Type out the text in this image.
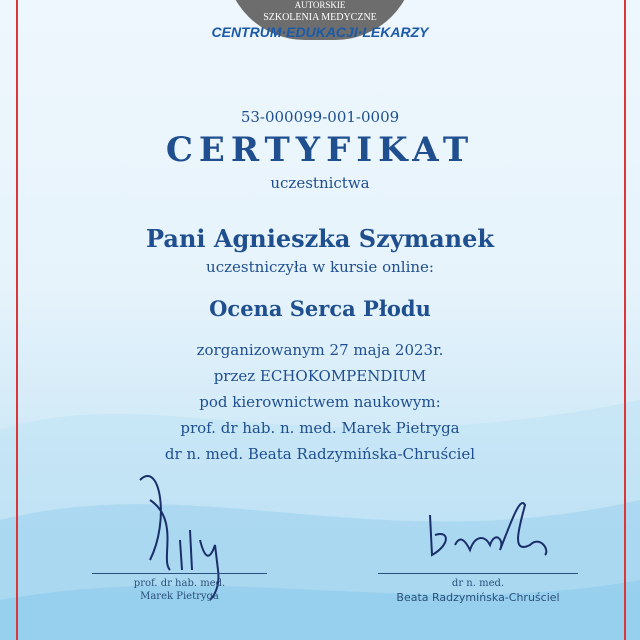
AUTORSKIE
SZKOLENIA MEDYCZNE
CENTRUM·EDUKACJI·LEKARZY
53-000099-001-0009
CERTYFIKAT
uczestnictwa
Pani Agnieszka Szymanek
uczestniczyła w kursie online:
Ocena Serca Płodu
zorganizowanym 27 maja 2023r.
przez ECHOKOMPENDIUM
pod kierownictwem naukowym:
prof. dr hab. n. med. Marek Pietryga
dr n. med. Beata Radzymińska-Chruściel
prof. dr hab. med.
Marek Pietryga
dr n. med.
Beata Radzymińska-Chruściel
